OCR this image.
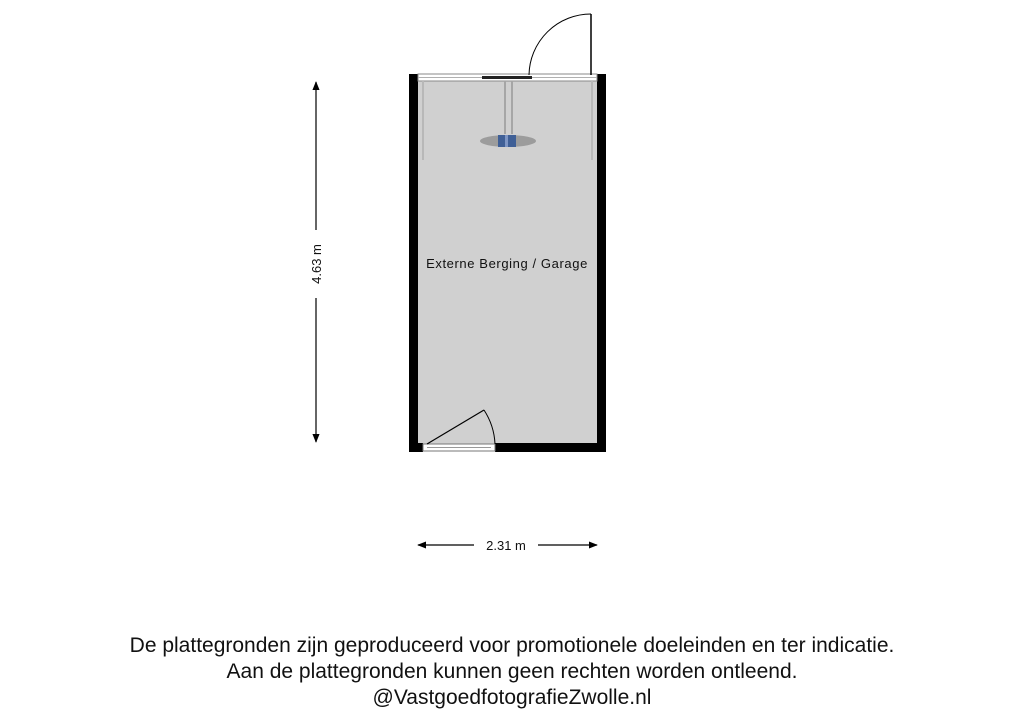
Externe Berging / Garage
4.63 m
2.31 m
De plattegronden zijn geproduceerd voor promotionele doeleinden en ter indicatie.
Aan de plattegronden kunnen geen rechten worden ontleend.
@VastgoedfotografieZwolle.nl
